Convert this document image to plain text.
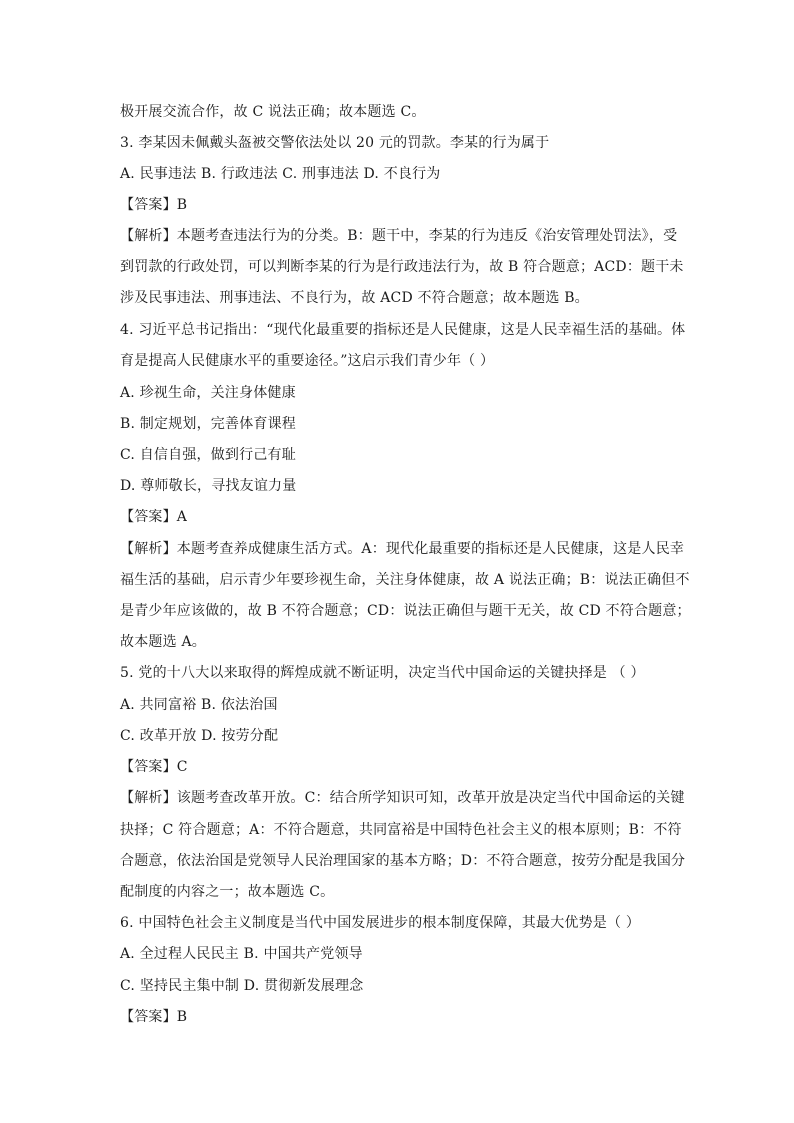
极开展交流合作，故 C 说法正确；故本题选 C。
3. 李某因未佩戴头盔被交警依法处以 20 元的罚款。李某的行为属于
A. 民事违法 B. 行政违法 C. 刑事违法 D. 不良行为
【答案】B
【解析】本题考查违法行为的分类。B：题干中，李某的行为违反《治安管理处罚法》，受
到罚款的行政处罚，可以判断李某的行为是行政违法行为，故 B 符合题意；ACD：题干未
涉及民事违法、刑事违法、不良行为，故 ACD 不符合题意；故本题选 B。
4. 习近平总书记指出：“现代化最重要的指标还是人民健康，这是人民幸福生活的基础。体
育是提高人民健康水平的重要途径。”这启示我们青少年（ ）
A. 珍视生命，关注身体健康
B. 制定规划，完善体育课程
C. 自信自强，做到行己有耻
D. 尊师敬长，寻找友谊力量
【答案】A
【解析】本题考查养成健康生活方式。A：现代化最重要的指标还是人民健康，这是人民幸
福生活的基础，启示青少年要珍视生命，关注身体健康，故 A 说法正确；B：说法正确但不
是青少年应该做的，故 B 不符合题意；CD：说法正确但与题干无关，故 CD 不符合题意；
故本题选 A。
5. 党的十八大以来取得的辉煌成就不断证明，决定当代中国命运的关键抉择是 （ ）
A. 共同富裕 B. 依法治国
C. 改革开放 D. 按劳分配
【答案】C
【解析】该题考查改革开放。C：结合所学知识可知，改革开放是决定当代中国命运的关键
抉择；C 符合题意；A：不符合题意，共同富裕是中国特色社会主义的根本原则；B：不符
合题意，依法治国是党领导人民治理国家的基本方略；D：不符合题意，按劳分配是我国分
配制度的内容之一；故本题选 C。
6. 中国特色社会主义制度是当代中国发展进步的根本制度保障，其最大优势是（ ）
A. 全过程人民民主 B. 中国共产党领导
C. 坚持民主集中制 D. 贯彻新发展理念
【答案】B
